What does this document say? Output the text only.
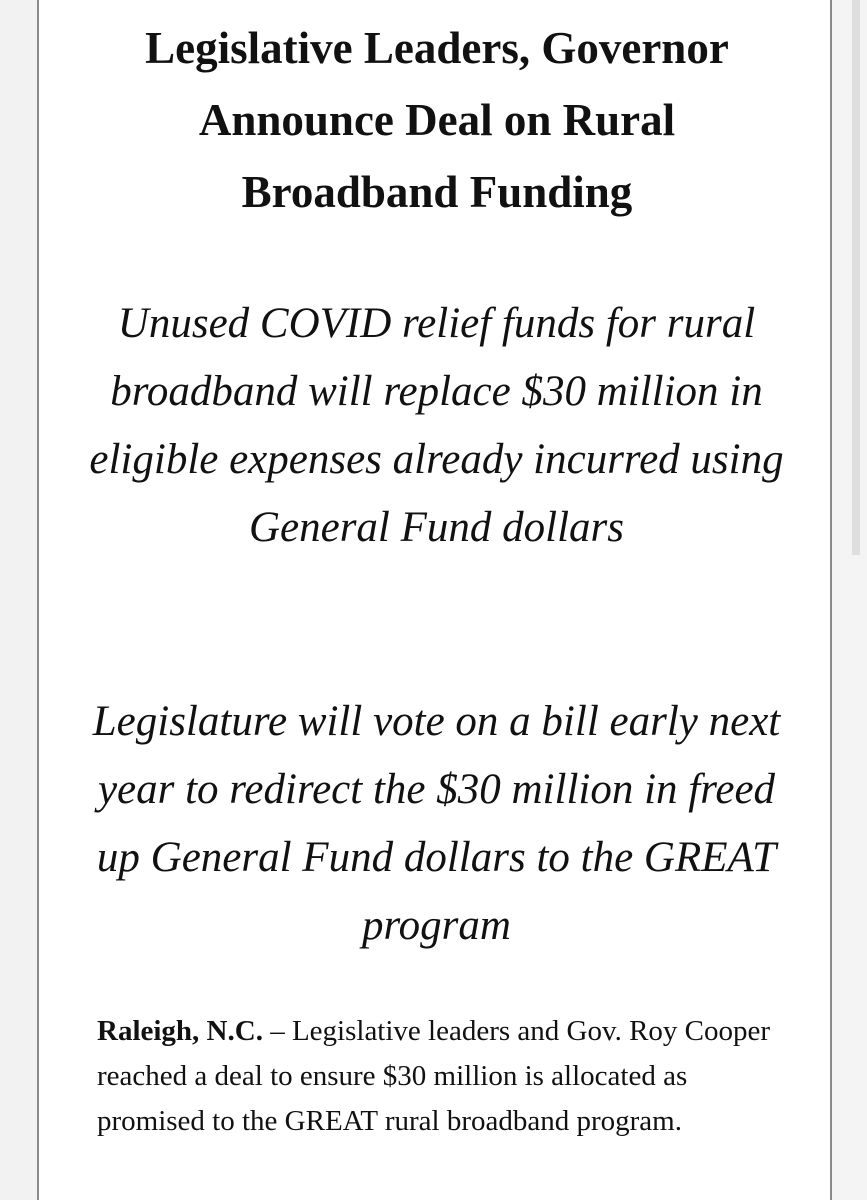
Legislative Leaders, Governor Announce Deal on Rural Broadband Funding

Unused COVID relief funds for rural broadband will replace $30 million in eligible expenses already incurred using General Fund dollars

Legislature will vote on a bill early next year to redirect the $30 million in freed up General Fund dollars to the GREAT program

Raleigh, N.C. – Legislative leaders and Gov. Roy Cooper reached a deal to ensure $30 million is allocated as promised to the GREAT rural broadband program.
